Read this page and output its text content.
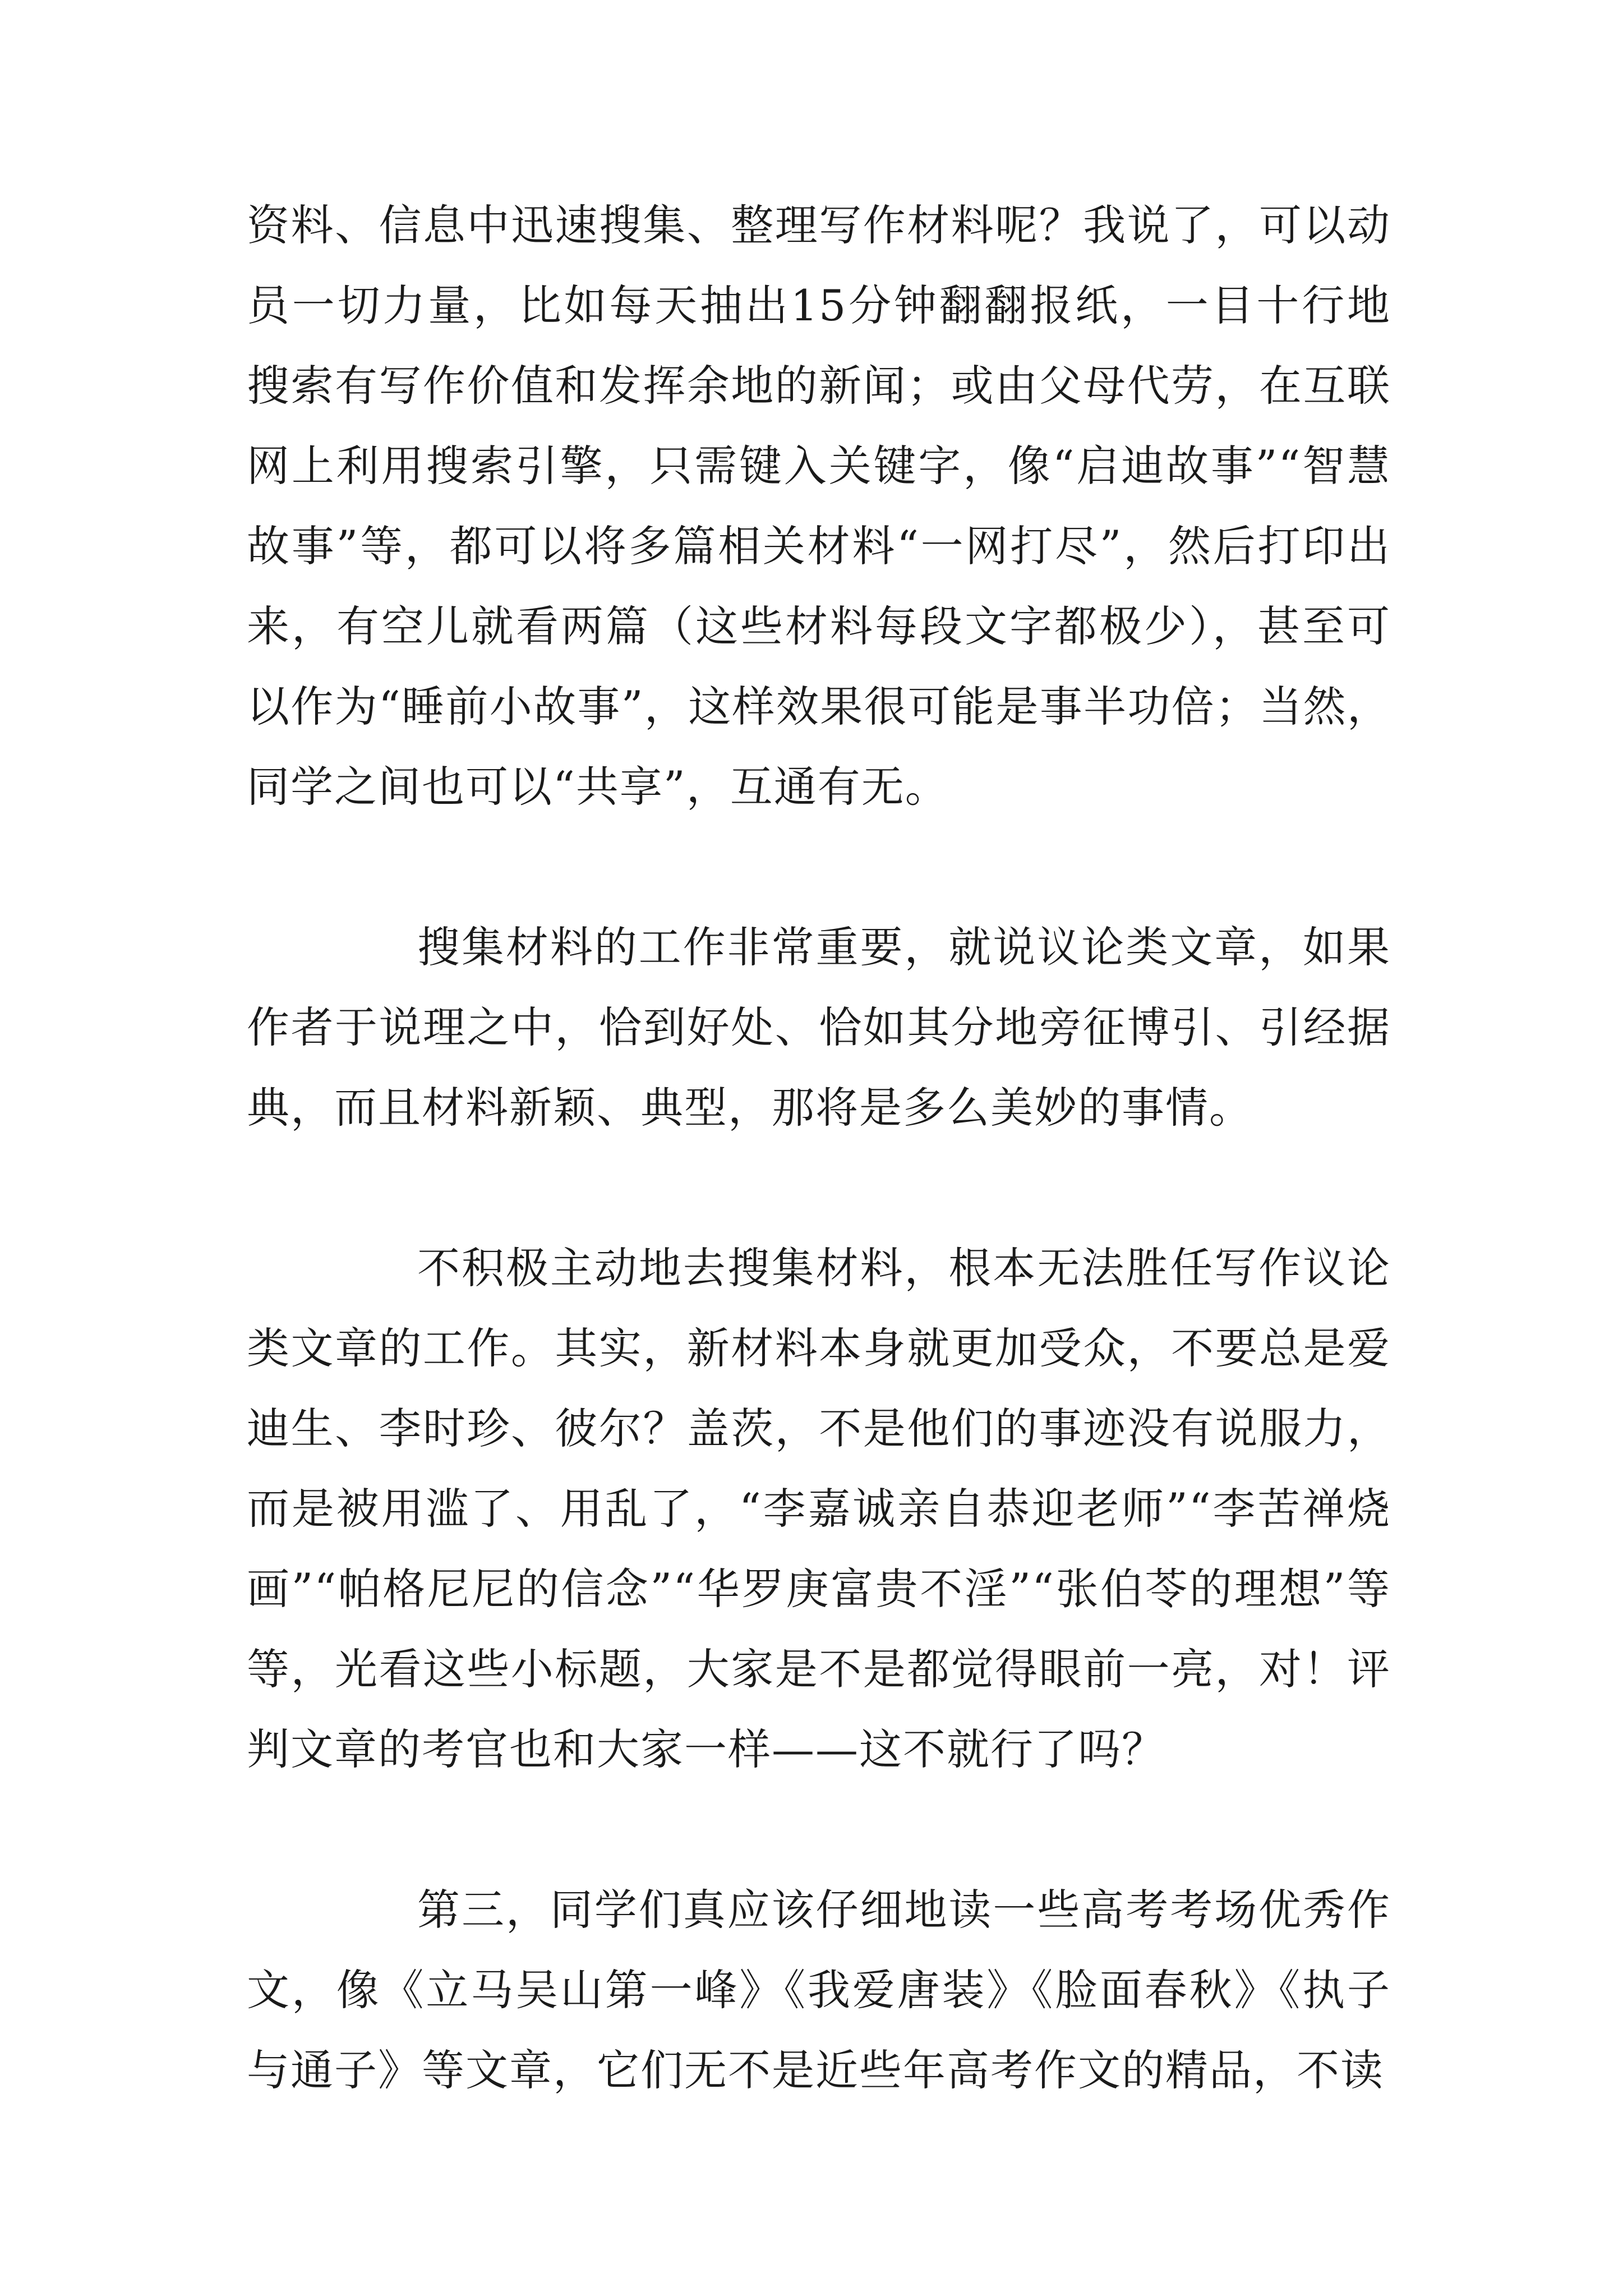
资料、信息中迅速搜集、整理写作材料呢？我说了，可以动员一切力量，比如每天抽出15分钟翻翻报纸，一目十行地搜索有写作价值和发挥余地的新闻；或由父母代劳，在互联网上利用搜索引擎，只需键入关键字，像“启迪故事”“智慧故事”等，都可以将多篇相关材料“一网打尽”，然后打印出来，有空儿就看两篇（这些材料每段文字都极少），甚至可以作为“睡前小故事”，这样效果很可能是事半功倍；当然，同学之间也可以“共享”，互通有无。

搜集材料的工作非常重要，就说议论类文章，如果作者于说理之中，恰到好处、恰如其分地旁征博引、引经据典，而且材料新颖、典型，那将是多么美妙的事情。

不积极主动地去搜集材料，根本无法胜任写作议论类文章的工作。其实，新材料本身就更加受众，不要总是爱迪生、李时珍、彼尔？盖茨，不是他们的事迹没有说服力，而是被用滥了、用乱了，“李嘉诚亲自恭迎老师”“李苦禅烧画”“帕格尼尼的信念”“华罗庚富贵不淫”“张伯苓的理想”等等，光看这些小标题，大家是不是都觉得眼前一亮，对！评判文章的考官也和大家一样——这不就行了吗？

第三，同学们真应该仔细地读一些高考考场优秀作文，像《立马吴山第一峰》《我爱唐装》《脸面春秋》《执子与通子》等文章，它们无不是近些年高考作文的精品，不读
